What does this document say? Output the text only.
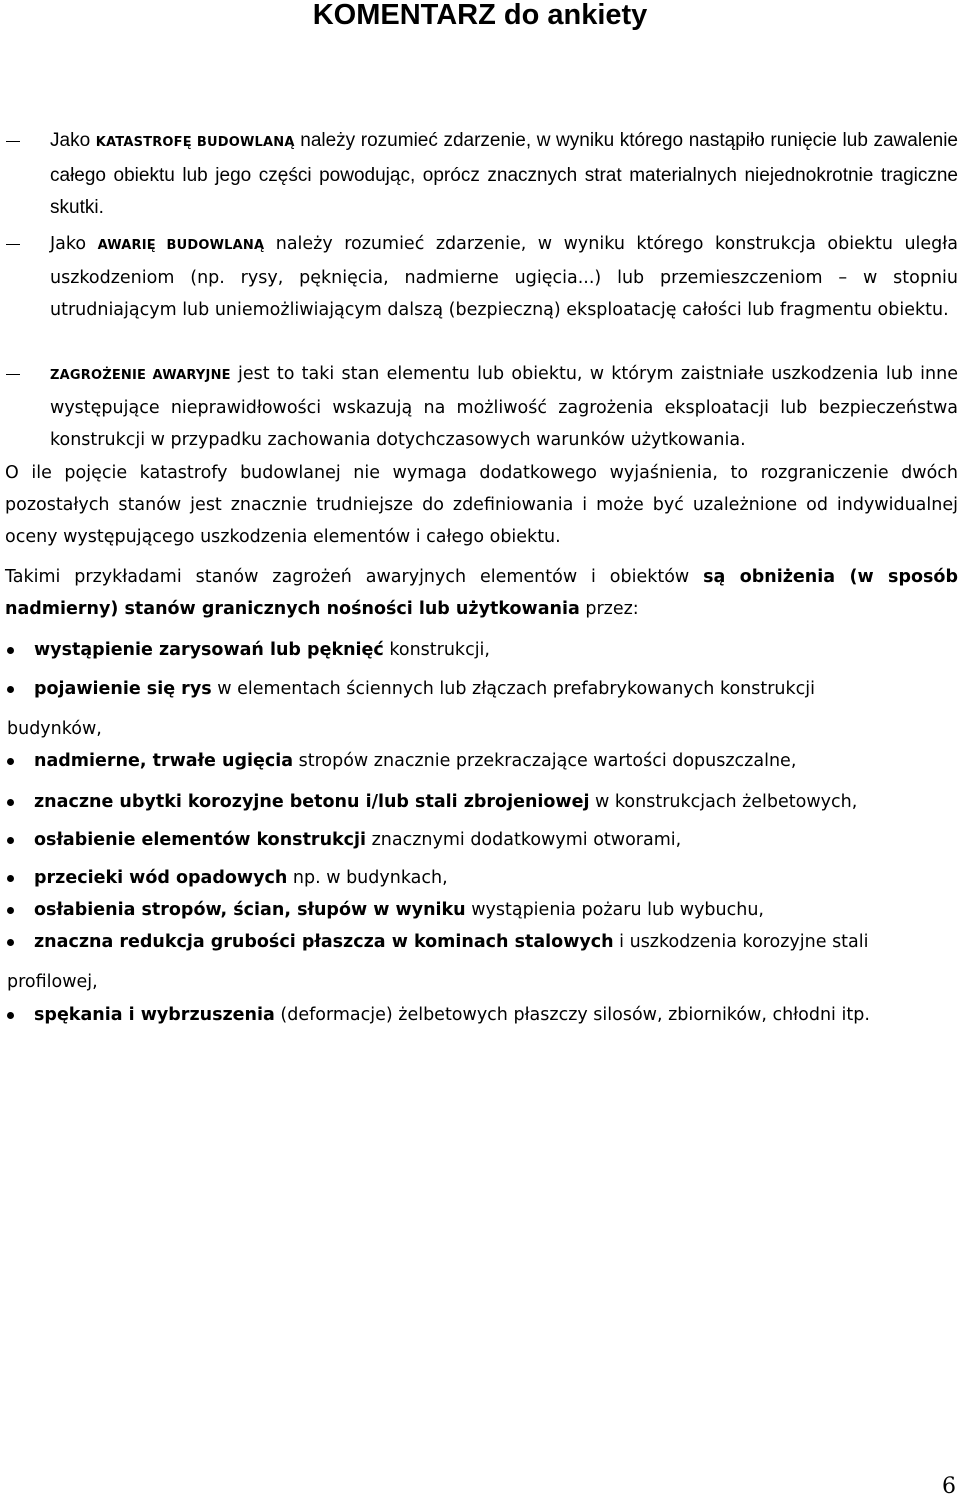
KOMENTARZ do ankiety
Jako KATASTROFĘ BUDOWLANĄ należy rozumieć zdarzenie, w wyniku którego nastąpiło runięcie lub zawalenie całego obiektu lub jego części powodując, oprócz znacznych strat materialnych niejednokrotnie tragiczne skutki.
Jako AWARIĘ BUDOWLANĄ należy rozumieć zdarzenie, w wyniku którego konstrukcja obiektu uległa uszkodzeniom (np. rysy, pęknięcia, nadmierne ugięcia...) lub przemieszczeniom – w stopniu utrudniającym lub uniemożliwiającym dalszą (bezpieczną) eksploatację całości lub fragmentu obiektu.
ZAGROŻENIE AWARYJNE jest to taki stan elementu lub obiektu, w którym zaistniałe uszkodzenia lub inne występujące nieprawidłowości wskazują na możliwość zagrożenia eksploatacji lub bezpieczeństwa konstrukcji w przypadku zachowania dotychczasowych warunków użytkowania.
O ile pojęcie katastrofy budowlanej nie wymaga dodatkowego wyjaśnienia, to rozgraniczenie dwóch pozostałych stanów jest znacznie trudniejsze do zdefiniowania i może być uzależnione od indywidualnej oceny występującego uszkodzenia elementów i całego obiektu.
Takimi przykładami stanów zagrożeń awaryjnych elementów i obiektów są obniżenia (w sposób nadmierny) stanów granicznych nośności lub użytkowania przez:
wystąpienie zarysowań lub pęknięć konstrukcji,
pojawienie się rys w elementach ściennych lub złączach prefabrykowanych konstrukcji
budynków,
nadmierne, trwałe ugięcia stropów znacznie przekraczające wartości dopuszczalne,
znaczne ubytki korozyjne betonu i/lub stali zbrojeniowej w konstrukcjach żelbetowych,
osłabienie elementów konstrukcji znacznymi dodatkowymi otworami,
przecieki wód opadowych np. w budynkach,
osłabienia stropów, ścian, słupów w wyniku wystąpienia pożaru lub wybuchu,
znaczna redukcja grubości płaszcza w kominach stalowych i uszkodzenia korozyjne stali
profilowej,
spękania i wybrzuszenia (deformacje) żelbetowych płaszczy silosów, zbiorników, chłodni itp.
6
